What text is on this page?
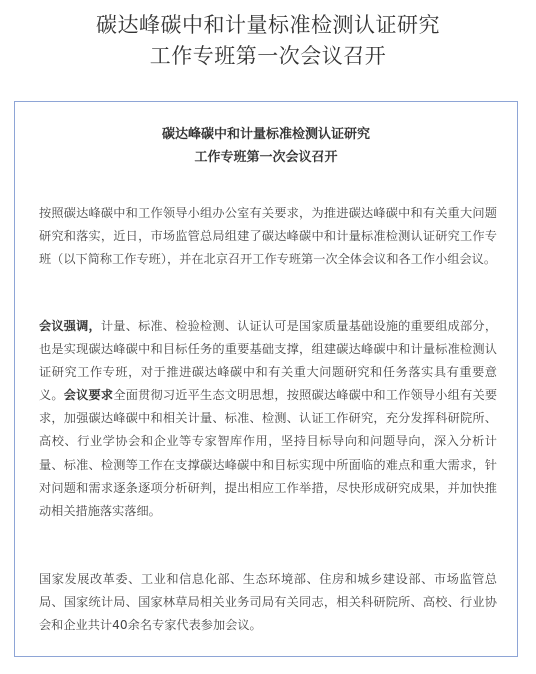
碳达峰碳中和计量标准检测认证研究
工作专班第一次会议召开
碳达峰碳中和计量标准检测认证研究
工作专班第一次会议召开

按照碳达峰碳中和工作领导小组办公室有关要求，为推进碳达峰碳中和有关重大问题研究和落实，近日，市场监管总局组建了碳达峰碳中和计量标准检测认证研究工作专班（以下简称工作专班），并在北京召开工作专班第一次全体会议和各工作小组会议。

会议强调，计量、标准、检验检测、认证认可是国家质量基础设施的重要组成部分，也是实现碳达峰碳中和目标任务的重要基础支撑，组建碳达峰碳中和计量标准检测认证研究工作专班，对于推进碳达峰碳中和有关重大问题研究和任务落实具有重要意义。会议要求全面贯彻习近平生态文明思想，按照碳达峰碳中和工作领导小组有关要求，加强碳达峰碳中和相关计量、标准、检测、认证工作研究，充分发挥科研院所、高校、行业学协会和企业等专家智库作用，坚持目标导向和问题导向，深入分析计量、标准、检测等工作在支撑碳达峰碳中和目标实现中所面临的难点和重大需求，针对问题和需求逐条逐项分析研判，提出相应工作举措，尽快形成研究成果，并加快推动相关措施落实落细。

国家发展改革委、工业和信息化部、生态环境部、住房和城乡建设部、市场监管总局、国家统计局、国家林草局相关业务司局有关同志，相关科研院所、高校、行业协会和企业共计40余名专家代表参加会议。
